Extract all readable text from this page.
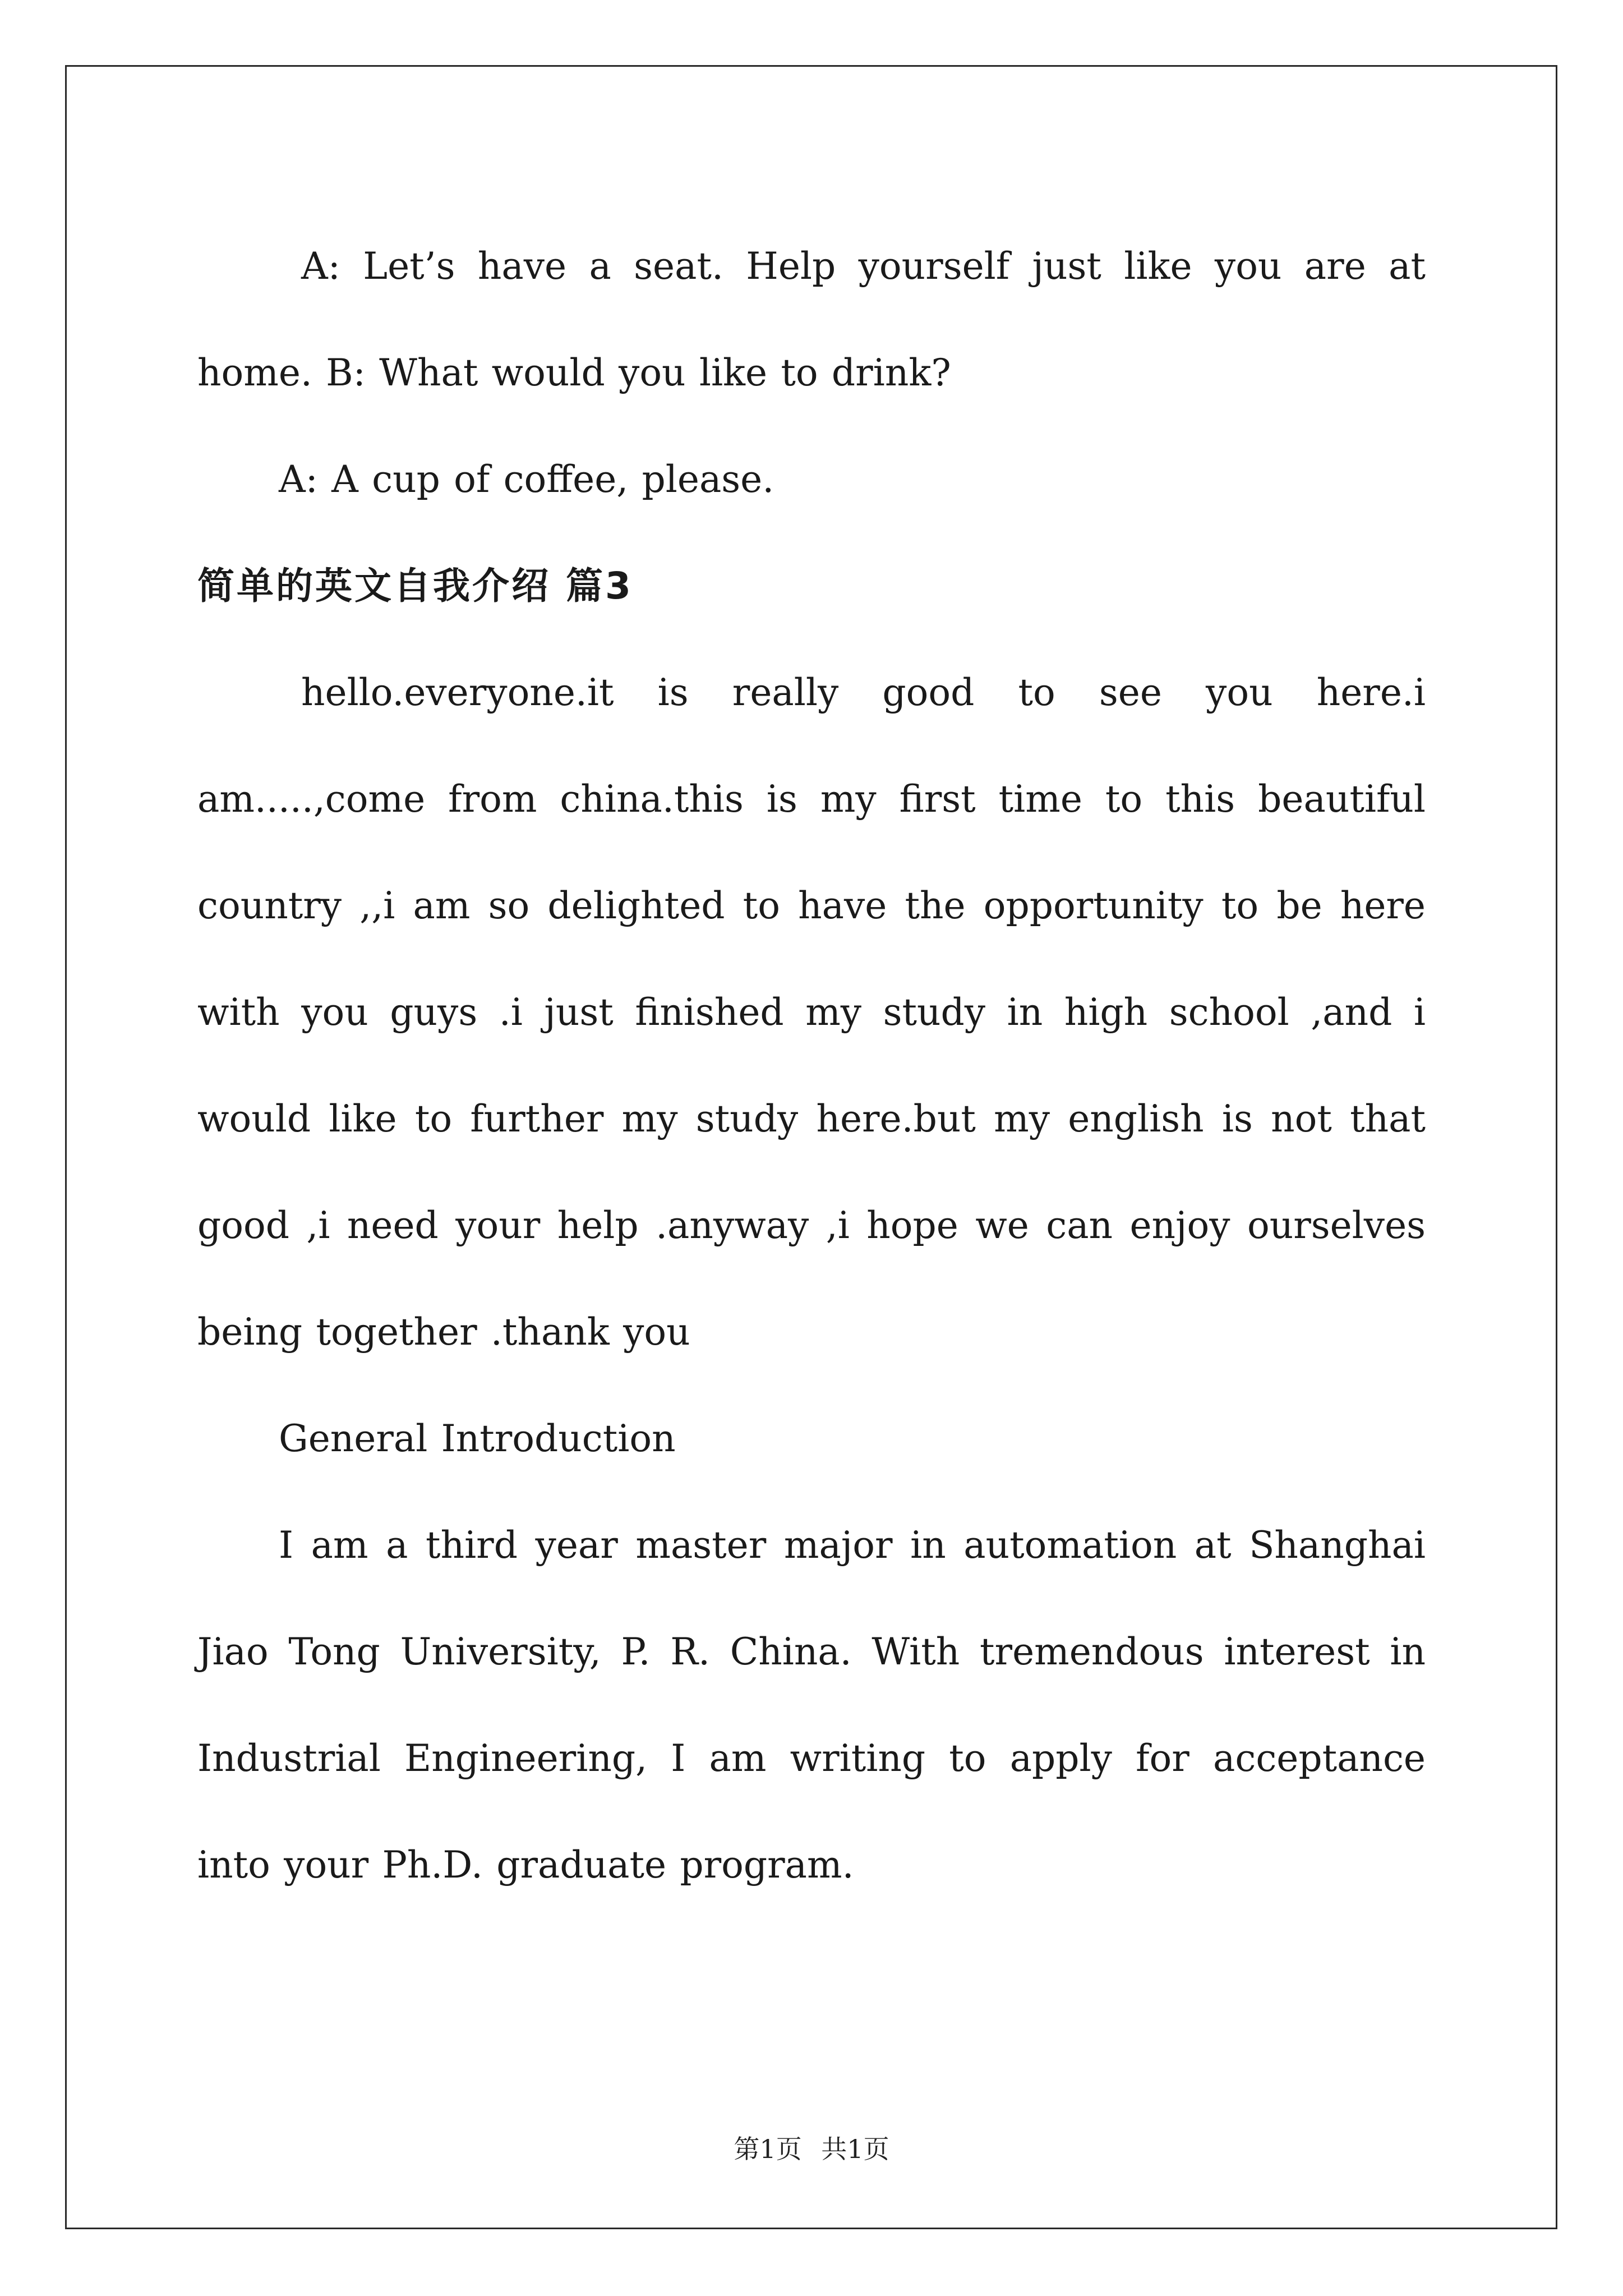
A: Let’s have a seat. Help yourself just like you are at home. B: What would you like to drink?

A: A cup of coffee, please.

简单的英文自我介绍 篇3

hello.everyone.it is really good to see you here.i am.....,come from china.this is my first time to this beautiful country ,,i am so delighted to have the opportunity to be here with you guys .i just finished my study in high school ,and i would like to further my study here.but my english is not that good ,i need your help .anyway ,i hope we can enjoy ourselves being together .thank you

General Introduction

I am a third year master major in automation at Shanghai Jiao Tong University, P. R. China. With tremendous interest in Industrial Engineering, I am writing to apply for acceptance into your Ph.D. graduate program.

第1页 共1页
